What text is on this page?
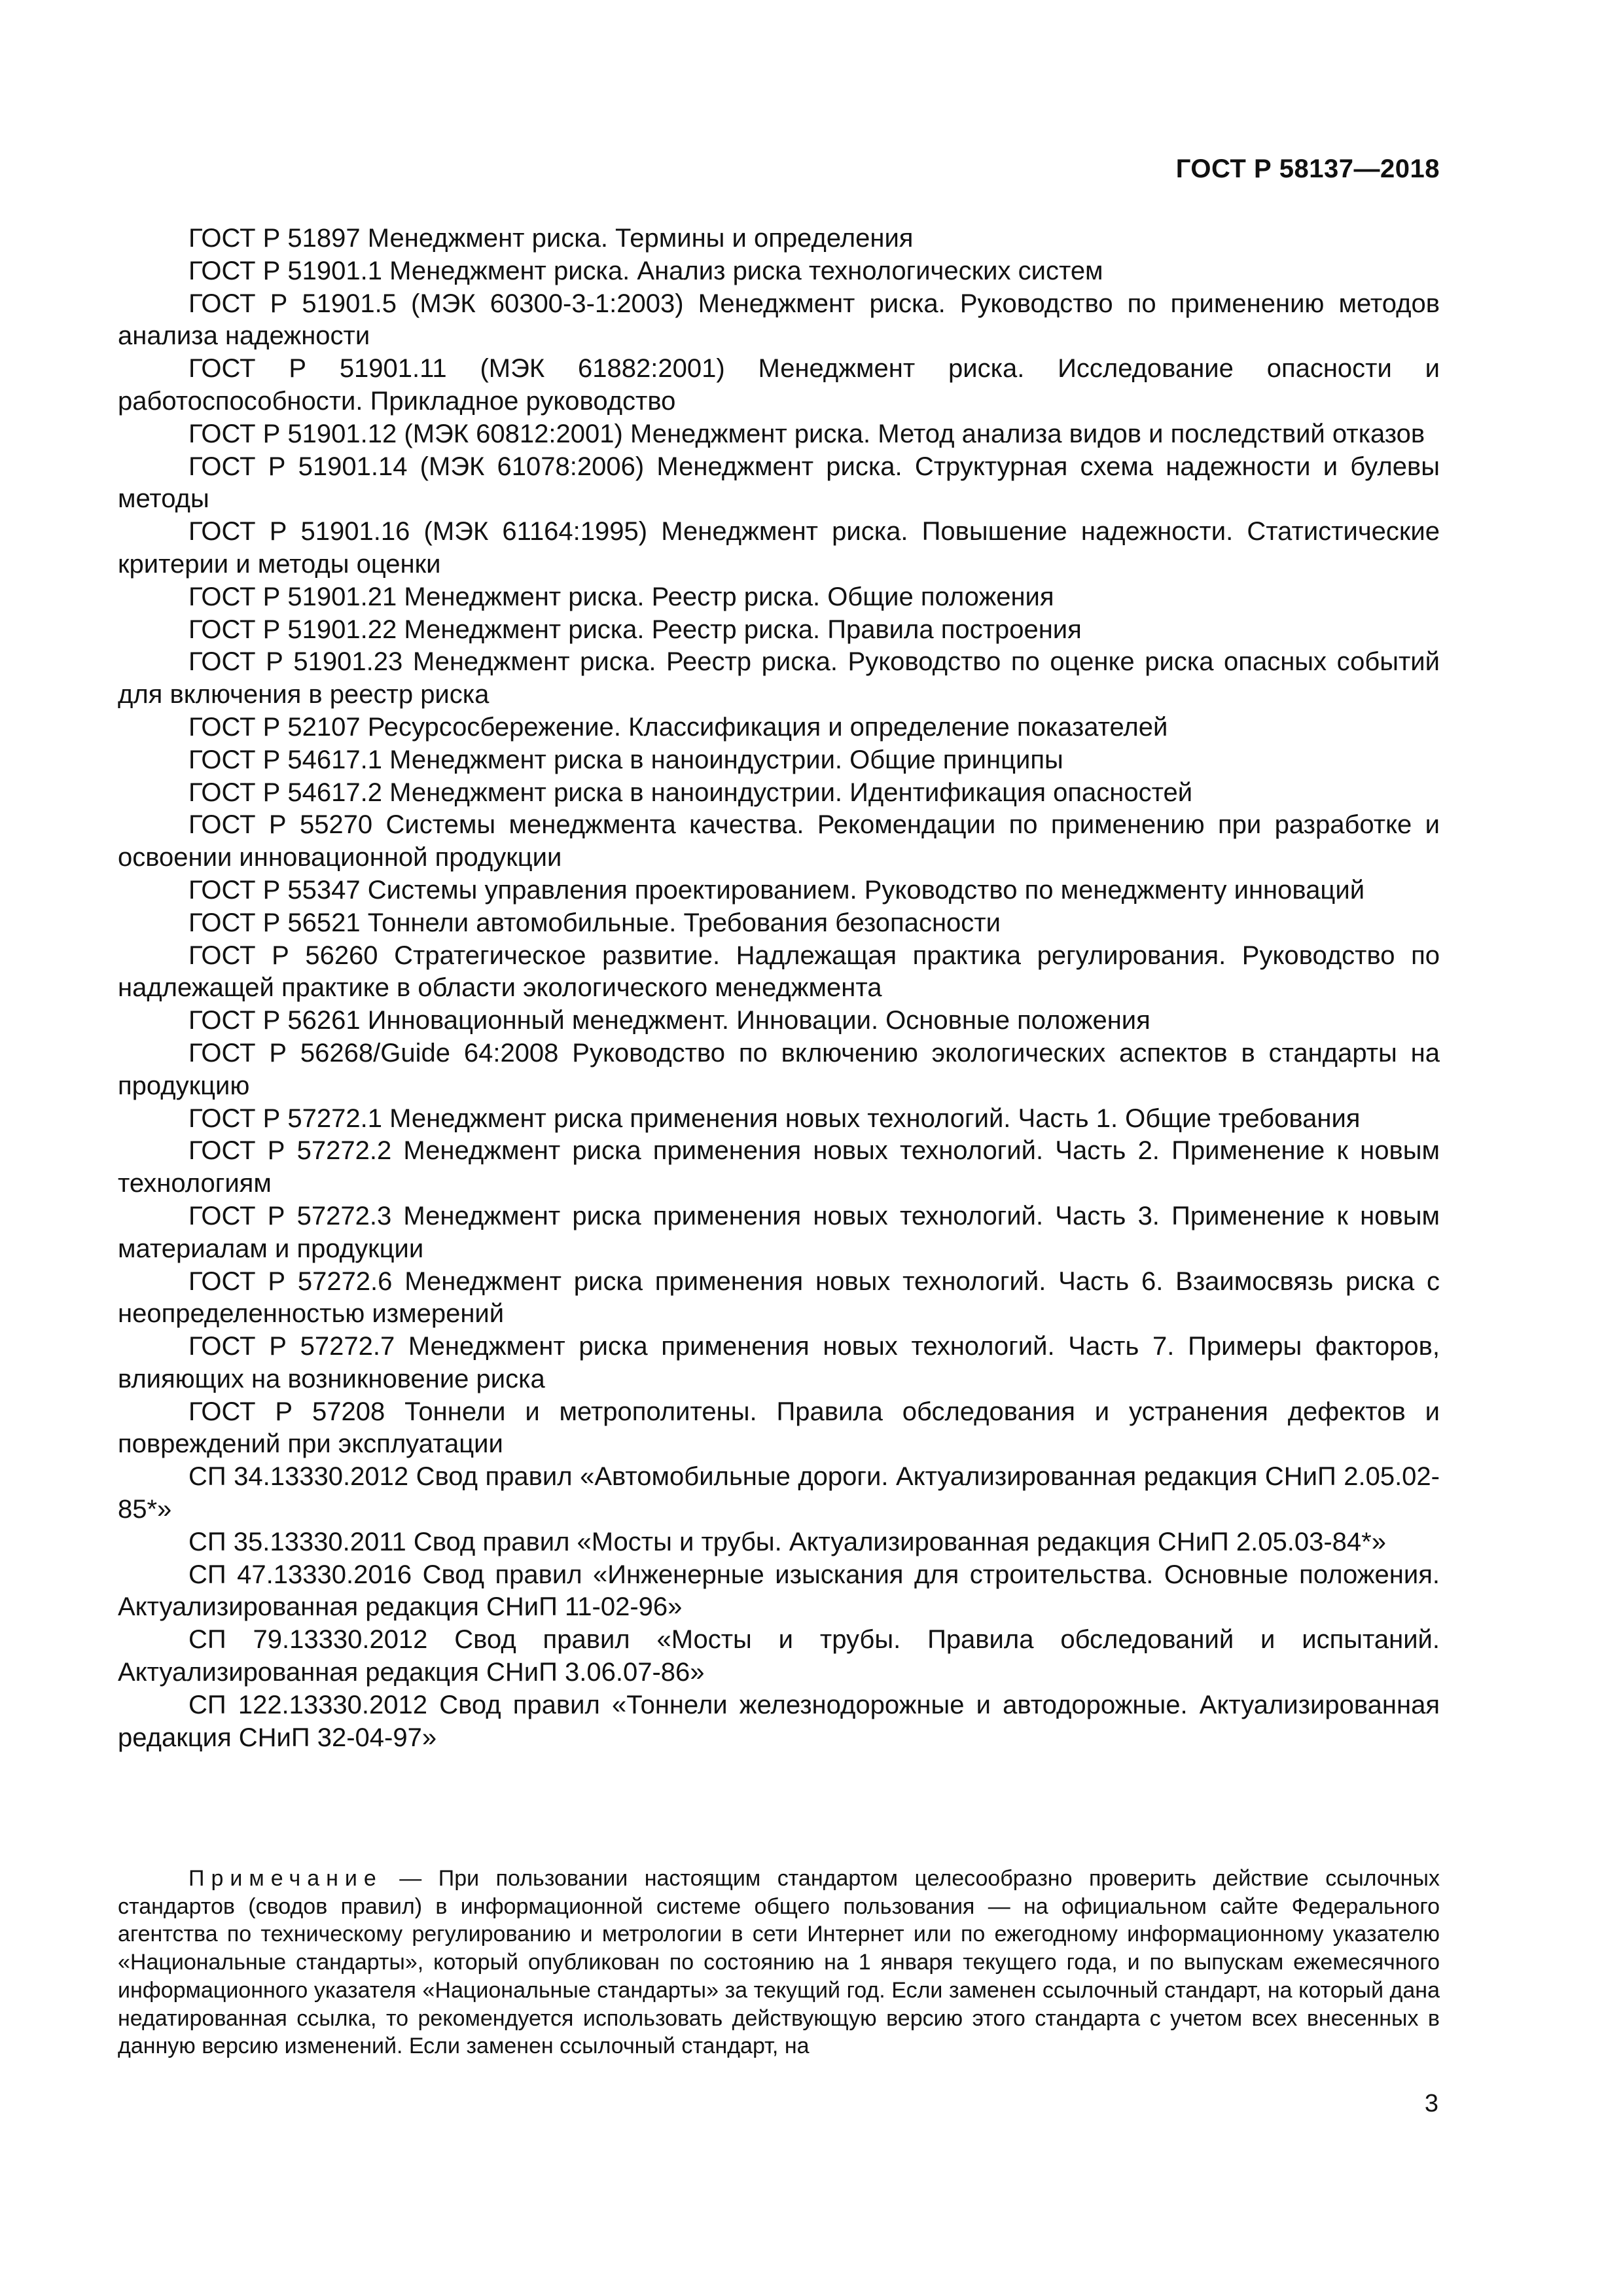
ГОСТ Р 58137—2018

ГОСТ Р 51897 Менеджмент риска. Термины и определения

ГОСТ Р 51901.1 Менеджмент риска. Анализ риска технологических систем

ГОСТ Р 51901.5 (МЭК 60300-3-1:2003) Менеджмент риска. Руководство по применению методов анализа надежности

ГОСТ Р 51901.11 (МЭК 61882:2001) Менеджмент риска. Исследование опасности и работоспособности. Прикладное руководство

ГОСТ Р 51901.12 (МЭК 60812:2001) Менеджмент риска. Метод анализа видов и последствий отказов

ГОСТ Р 51901.14 (МЭК 61078:2006) Менеджмент риска. Структурная схема надежности и булевы методы

ГОСТ Р 51901.16 (МЭК 61164:1995) Менеджмент риска. Повышение надежности. Статистические критерии и методы оценки

ГОСТ Р 51901.21 Менеджмент риска. Реестр риска. Общие положения

ГОСТ Р 51901.22 Менеджмент риска. Реестр риска. Правила построения

ГОСТ Р 51901.23 Менеджмент риска. Реестр риска. Руководство по оценке риска опасных событий для включения в реестр риска

ГОСТ Р 52107 Ресурсосбережение. Классификация и определение показателей

ГОСТ Р 54617.1 Менеджмент риска в наноиндустрии. Общие принципы

ГОСТ Р 54617.2 Менеджмент риска в наноиндустрии. Идентификация опасностей

ГОСТ Р 55270 Системы менеджмента качества. Рекомендации по применению при разработке и освоении инновационной продукции

ГОСТ Р 55347 Системы управления проектированием. Руководство по менеджменту инноваций

ГОСТ Р 56521 Тоннели автомобильные. Требования безопасности

ГОСТ Р 56260 Стратегическое развитие. Надлежащая практика регулирования. Руководство по надлежащей практике в области экологического менеджмента

ГОСТ Р 56261 Инновационный менеджмент. Инновации. Основные положения

ГОСТ Р 56268/Guide 64:2008 Руководство по включению экологических аспектов в стандарты на продукцию

ГОСТ Р 57272.1 Менеджмент риска применения новых технологий. Часть 1. Общие требования

ГОСТ Р 57272.2 Менеджмент риска применения новых технологий. Часть 2. Применение к новым технологиям

ГОСТ Р 57272.3 Менеджмент риска применения новых технологий. Часть 3. Применение к новым материалам и продукции

ГОСТ Р 57272.6 Менеджмент риска применения новых технологий. Часть 6. Взаимосвязь риска с неопределенностью измерений

ГОСТ Р 57272.7 Менеджмент риска применения новых технологий. Часть 7. Примеры факторов, влияющих на возникновение риска

ГОСТ Р 57208 Тоннели и метрополитены. Правила обследования и устранения дефектов и повреждений при эксплуатации

СП 34.13330.2012 Свод правил «Автомобильные дороги. Актуализированная редакция СНиП 2.05.02-85*»

СП 35.13330.2011 Свод правил «Мосты и трубы. Актуализированная редакция СНиП 2.05.03-84*»

СП 47.13330.2016 Свод правил «Инженерные изыскания для строительства. Основные положения. Актуализированная редакция СНиП 11-02-96»

СП 79.13330.2012 Свод правил «Мосты и трубы. Правила обследований и испытаний. Актуализированная редакция СНиП 3.06.07-86»

СП 122.13330.2012 Свод правил «Тоннели железнодорожные и автодорожные. Актуализированная редакция СНиП 32-04-97»

Примечание — При пользовании настоящим стандартом целесообразно проверить действие ссылочных стандартов (сводов правил) в информационной системе общего пользования — на официальном сайте Федерального агентства по техническому регулированию и метрологии в сети Интернет или по ежегодному информационному указателю «Национальные стандарты», который опубликован по состоянию на 1 января текущего года, и по выпускам ежемесячного информационного указателя «Национальные стандарты» за текущий год. Если заменен ссылочный стандарт, на который дана недатированная ссылка, то рекомендуется использовать действующую версию этого стандарта с учетом всех внесенных в данную версию изменений. Если заменен ссылочный стандарт, на

3
